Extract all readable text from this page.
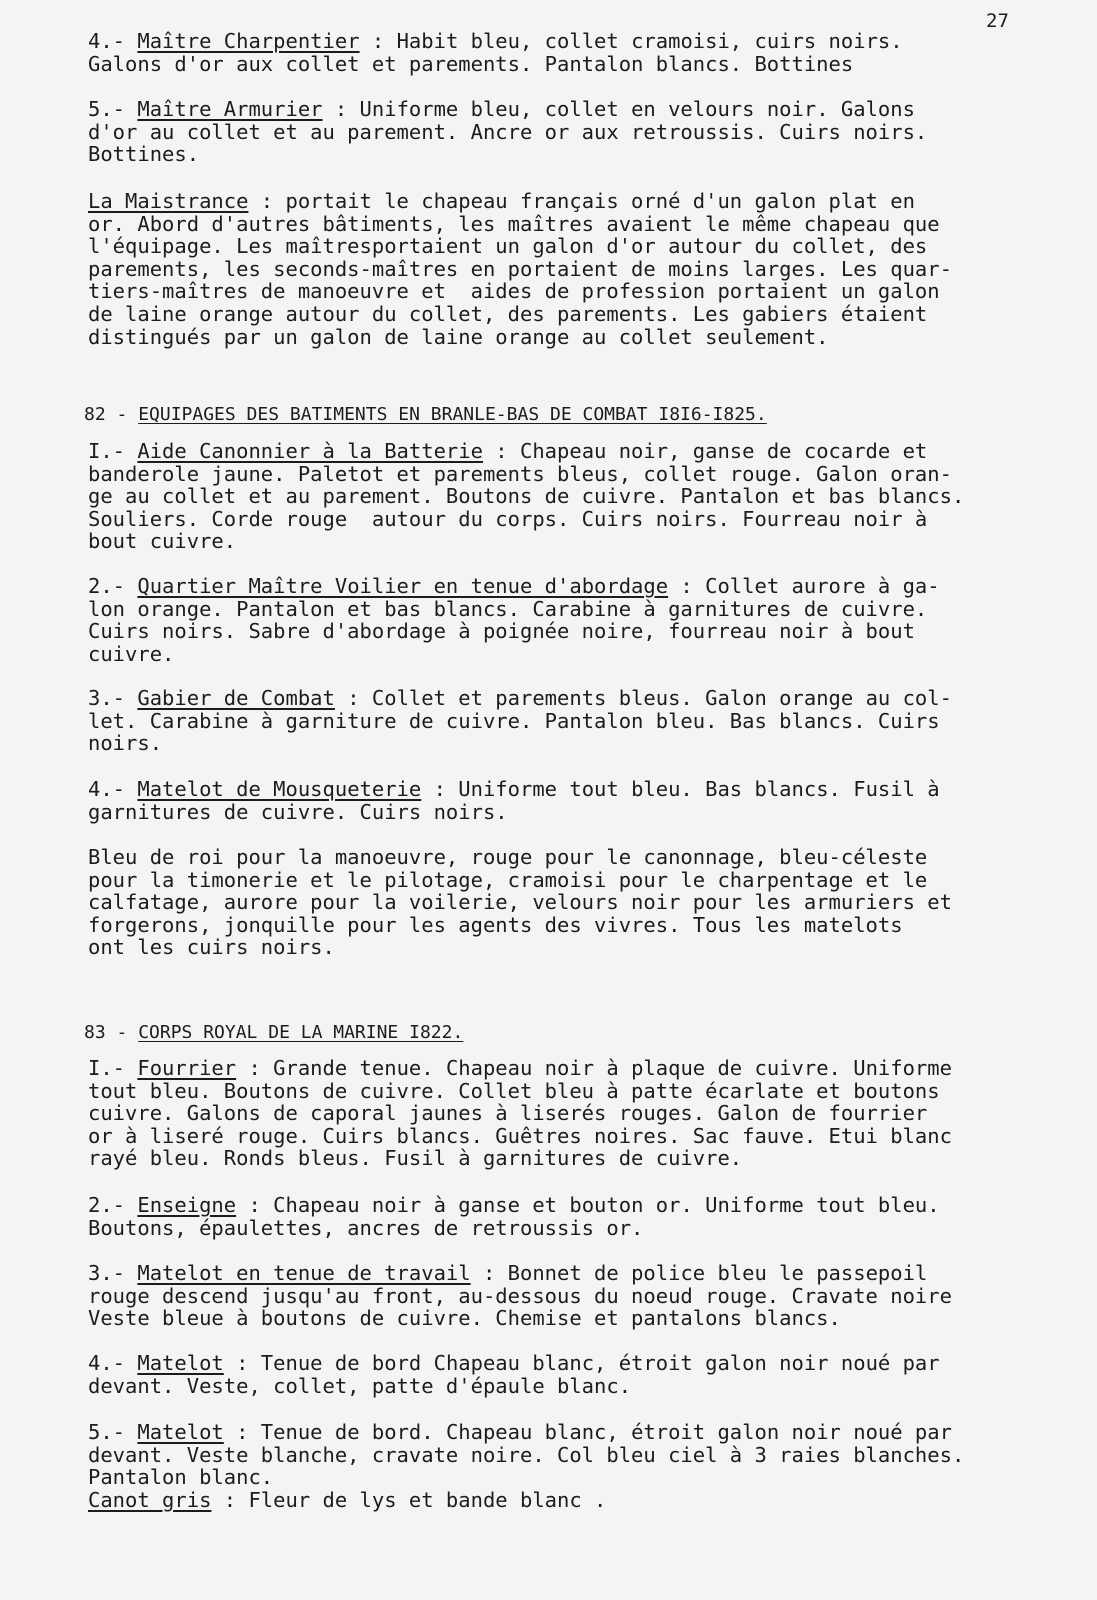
27

4.- Maître Charpentier : Habit bleu, collet cramoisi, cuirs noirs.

Galons d'or aux collet et parements. Pantalon blancs. Bottines

5.- Maître Armurier : Uniforme bleu, collet en velours noir. Galons

d'or au collet et au parement. Ancre or aux retroussis. Cuirs noirs.

Bottines.

La Maistrance : portait le chapeau français orné d'un galon plat en

or. Abord d'autres bâtiments, les maîtres avaient le même chapeau que

l'équipage. Les maîtresportaient un galon d'or autour du collet, des

parements, les seconds-maîtres en portaient de moins larges. Les quar-

tiers-maîtres de manoeuvre et  aides de profession portaient un galon

de laine orange autour du collet, des parements. Les gabiers étaient

distingués par un galon de laine orange au collet seulement.

82 - EQUIPAGES DES BATIMENTS EN BRANLE-BAS DE COMBAT I8I6-I825.

I.- Aide Canonnier à la Batterie : Chapeau noir, ganse de cocarde et

banderole jaune. Paletot et parements bleus, collet rouge. Galon oran-

ge au collet et au parement. Boutons de cuivre. Pantalon et bas blancs.

Souliers. Corde rouge  autour du corps. Cuirs noirs. Fourreau noir à

bout cuivre.

2.- Quartier Maître Voilier en tenue d'abordage : Collet aurore à ga-

lon orange. Pantalon et bas blancs. Carabine à garnitures de cuivre.

Cuirs noirs. Sabre d'abordage à poignée noire, fourreau noir à bout

cuivre.

3.- Gabier de Combat : Collet et parements bleus. Galon orange au col-

let. Carabine à garniture de cuivre. Pantalon bleu. Bas blancs. Cuirs

noirs.

4.- Matelot de Mousqueterie : Uniforme tout bleu. Bas blancs. Fusil à

garnitures de cuivre. Cuirs noirs.

Bleu de roi pour la manoeuvre, rouge pour le canonnage, bleu-céleste

pour la timonerie et le pilotage, cramoisi pour le charpentage et le

calfatage, aurore pour la voilerie, velours noir pour les armuriers et

forgerons, jonquille pour les agents des vivres. Tous les matelots

ont les cuirs noirs.

83 - CORPS ROYAL DE LA MARINE I822.

I.- Fourrier : Grande tenue. Chapeau noir à plaque de cuivre. Uniforme

tout bleu. Boutons de cuivre. Collet bleu à patte écarlate et boutons

cuivre. Galons de caporal jaunes à liserés rouges. Galon de fourrier

or à liseré rouge. Cuirs blancs. Guêtres noires. Sac fauve. Etui blanc

rayé bleu. Ronds bleus. Fusil à garnitures de cuivre.

2.- Enseigne : Chapeau noir à ganse et bouton or. Uniforme tout bleu.

Boutons, épaulettes, ancres de retroussis or.

3.- Matelot en tenue de travail : Bonnet de police bleu le passepoil

rouge descend jusqu'au front, au-dessous du noeud rouge. Cravate noire

Veste bleue à boutons de cuivre. Chemise et pantalons blancs.

4.- Matelot : Tenue de bord Chapeau blanc, étroit galon noir noué par

devant. Veste, collet, patte d'épaule blanc.

5.- Matelot : Tenue de bord. Chapeau blanc, étroit galon noir noué par

devant. Veste blanche, cravate noire. Col bleu ciel à 3 raies blanches.

Pantalon blanc.

Canot gris : Fleur de lys et bande blanc .
